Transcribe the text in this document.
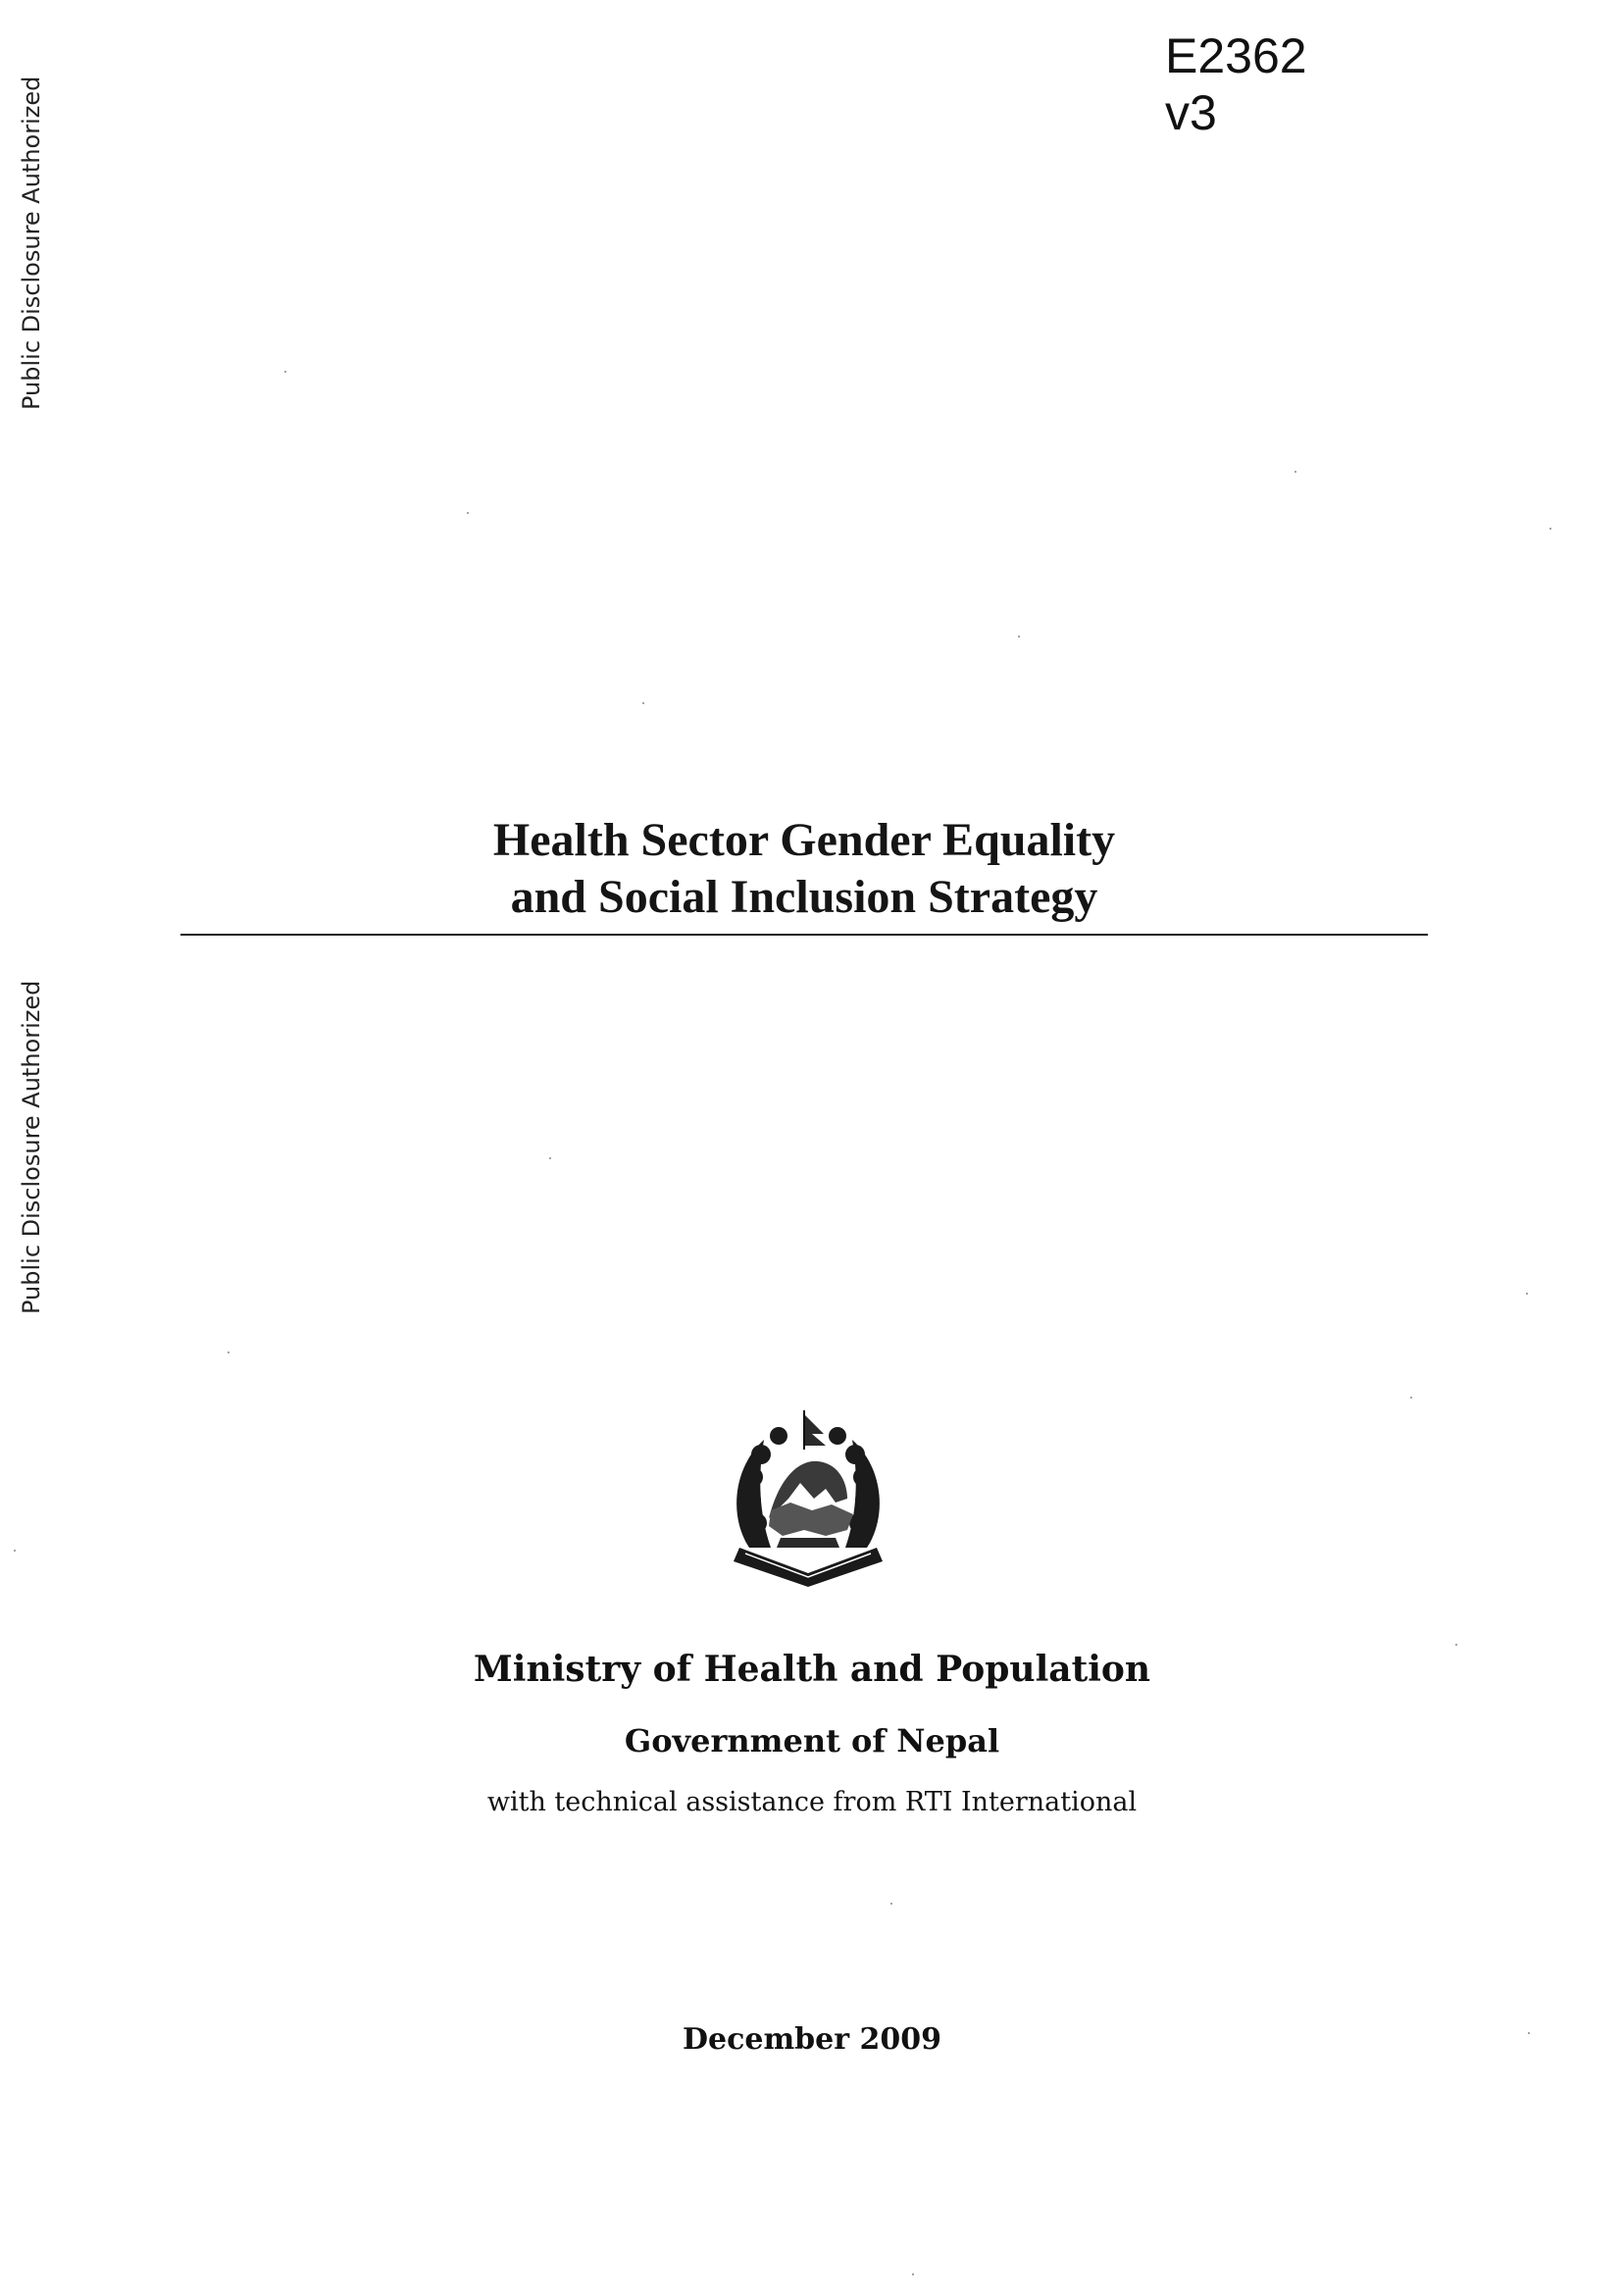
E2362
v3
Public Disclosure Authorized
Public Disclosure Authorized
Health Sector Gender Equality
and Social Inclusion Strategy
Ministry of Health and Population
Government of Nepal
with technical assistance from RTI International
December 2009
